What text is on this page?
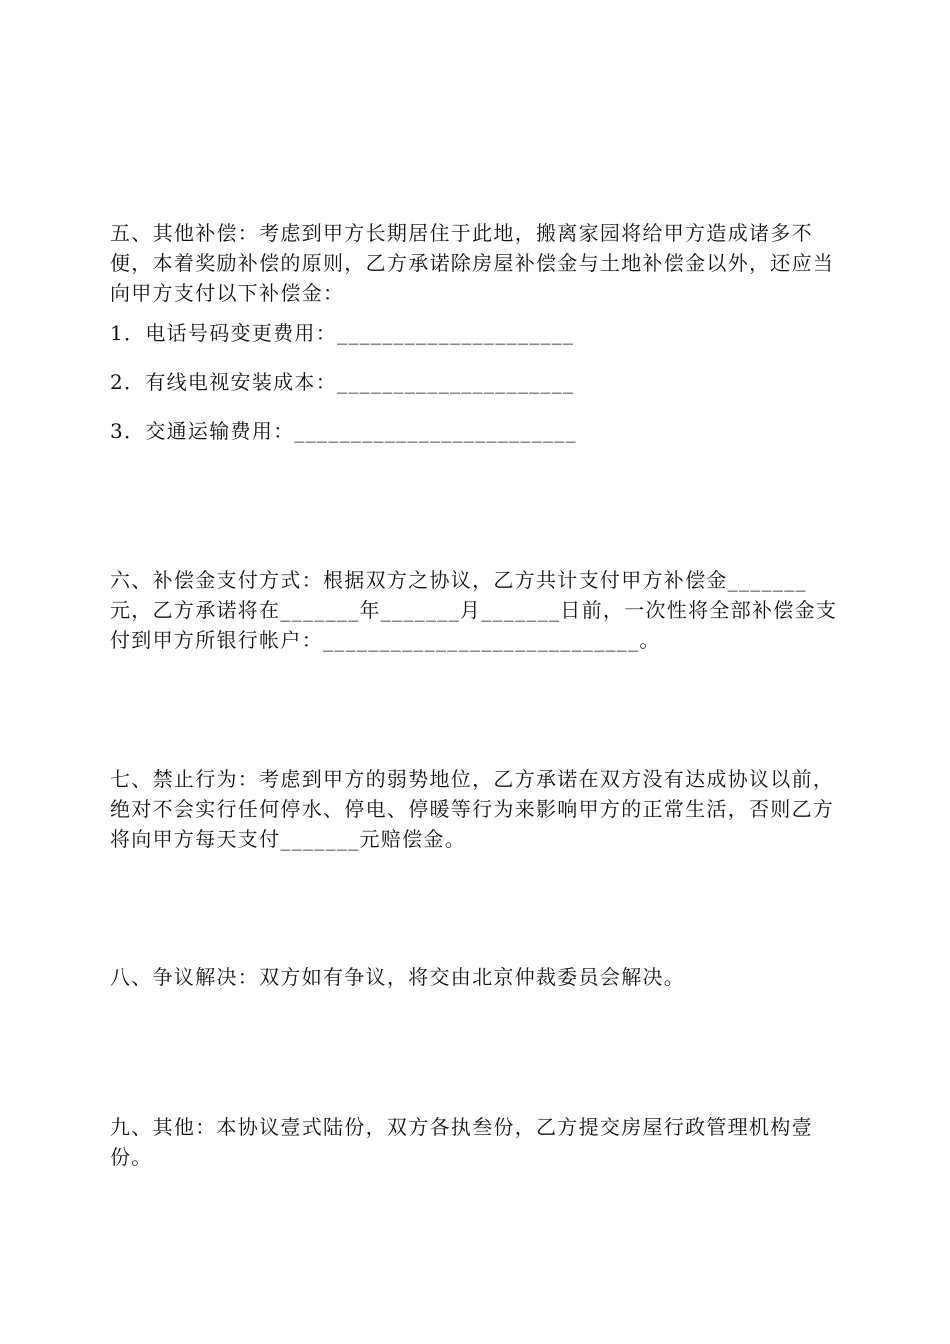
五、其他补偿：考虑到甲方长期居住于此地，搬离家园将给甲方造成诸多不便，本着奖励补偿的原则，乙方承诺除房屋补偿金与土地补偿金以外，还应当向甲方支付以下补偿金：

1．电话号码变更费用：_____________________

2．有线电视安装成本：_____________________

3．交通运输费用：_________________________

六、补偿金支付方式：根据双方之协议，乙方共计支付甲方补偿金_______元，乙方承诺将在_______年_______月_______日前，一次性将全部补偿金支付到甲方所银行帐户：____________________________。

七、禁止行为：考虑到甲方的弱势地位，乙方承诺在双方没有达成协议以前，绝对不会实行任何停水、停电、停暖等行为来影响甲方的正常生活，否则乙方将向甲方每天支付_______元赔偿金。

八、争议解决：双方如有争议，将交由北京仲裁委员会解决。

九、其他：本协议壹式陆份，双方各执叁份，乙方提交房屋行政管理机构壹份。
